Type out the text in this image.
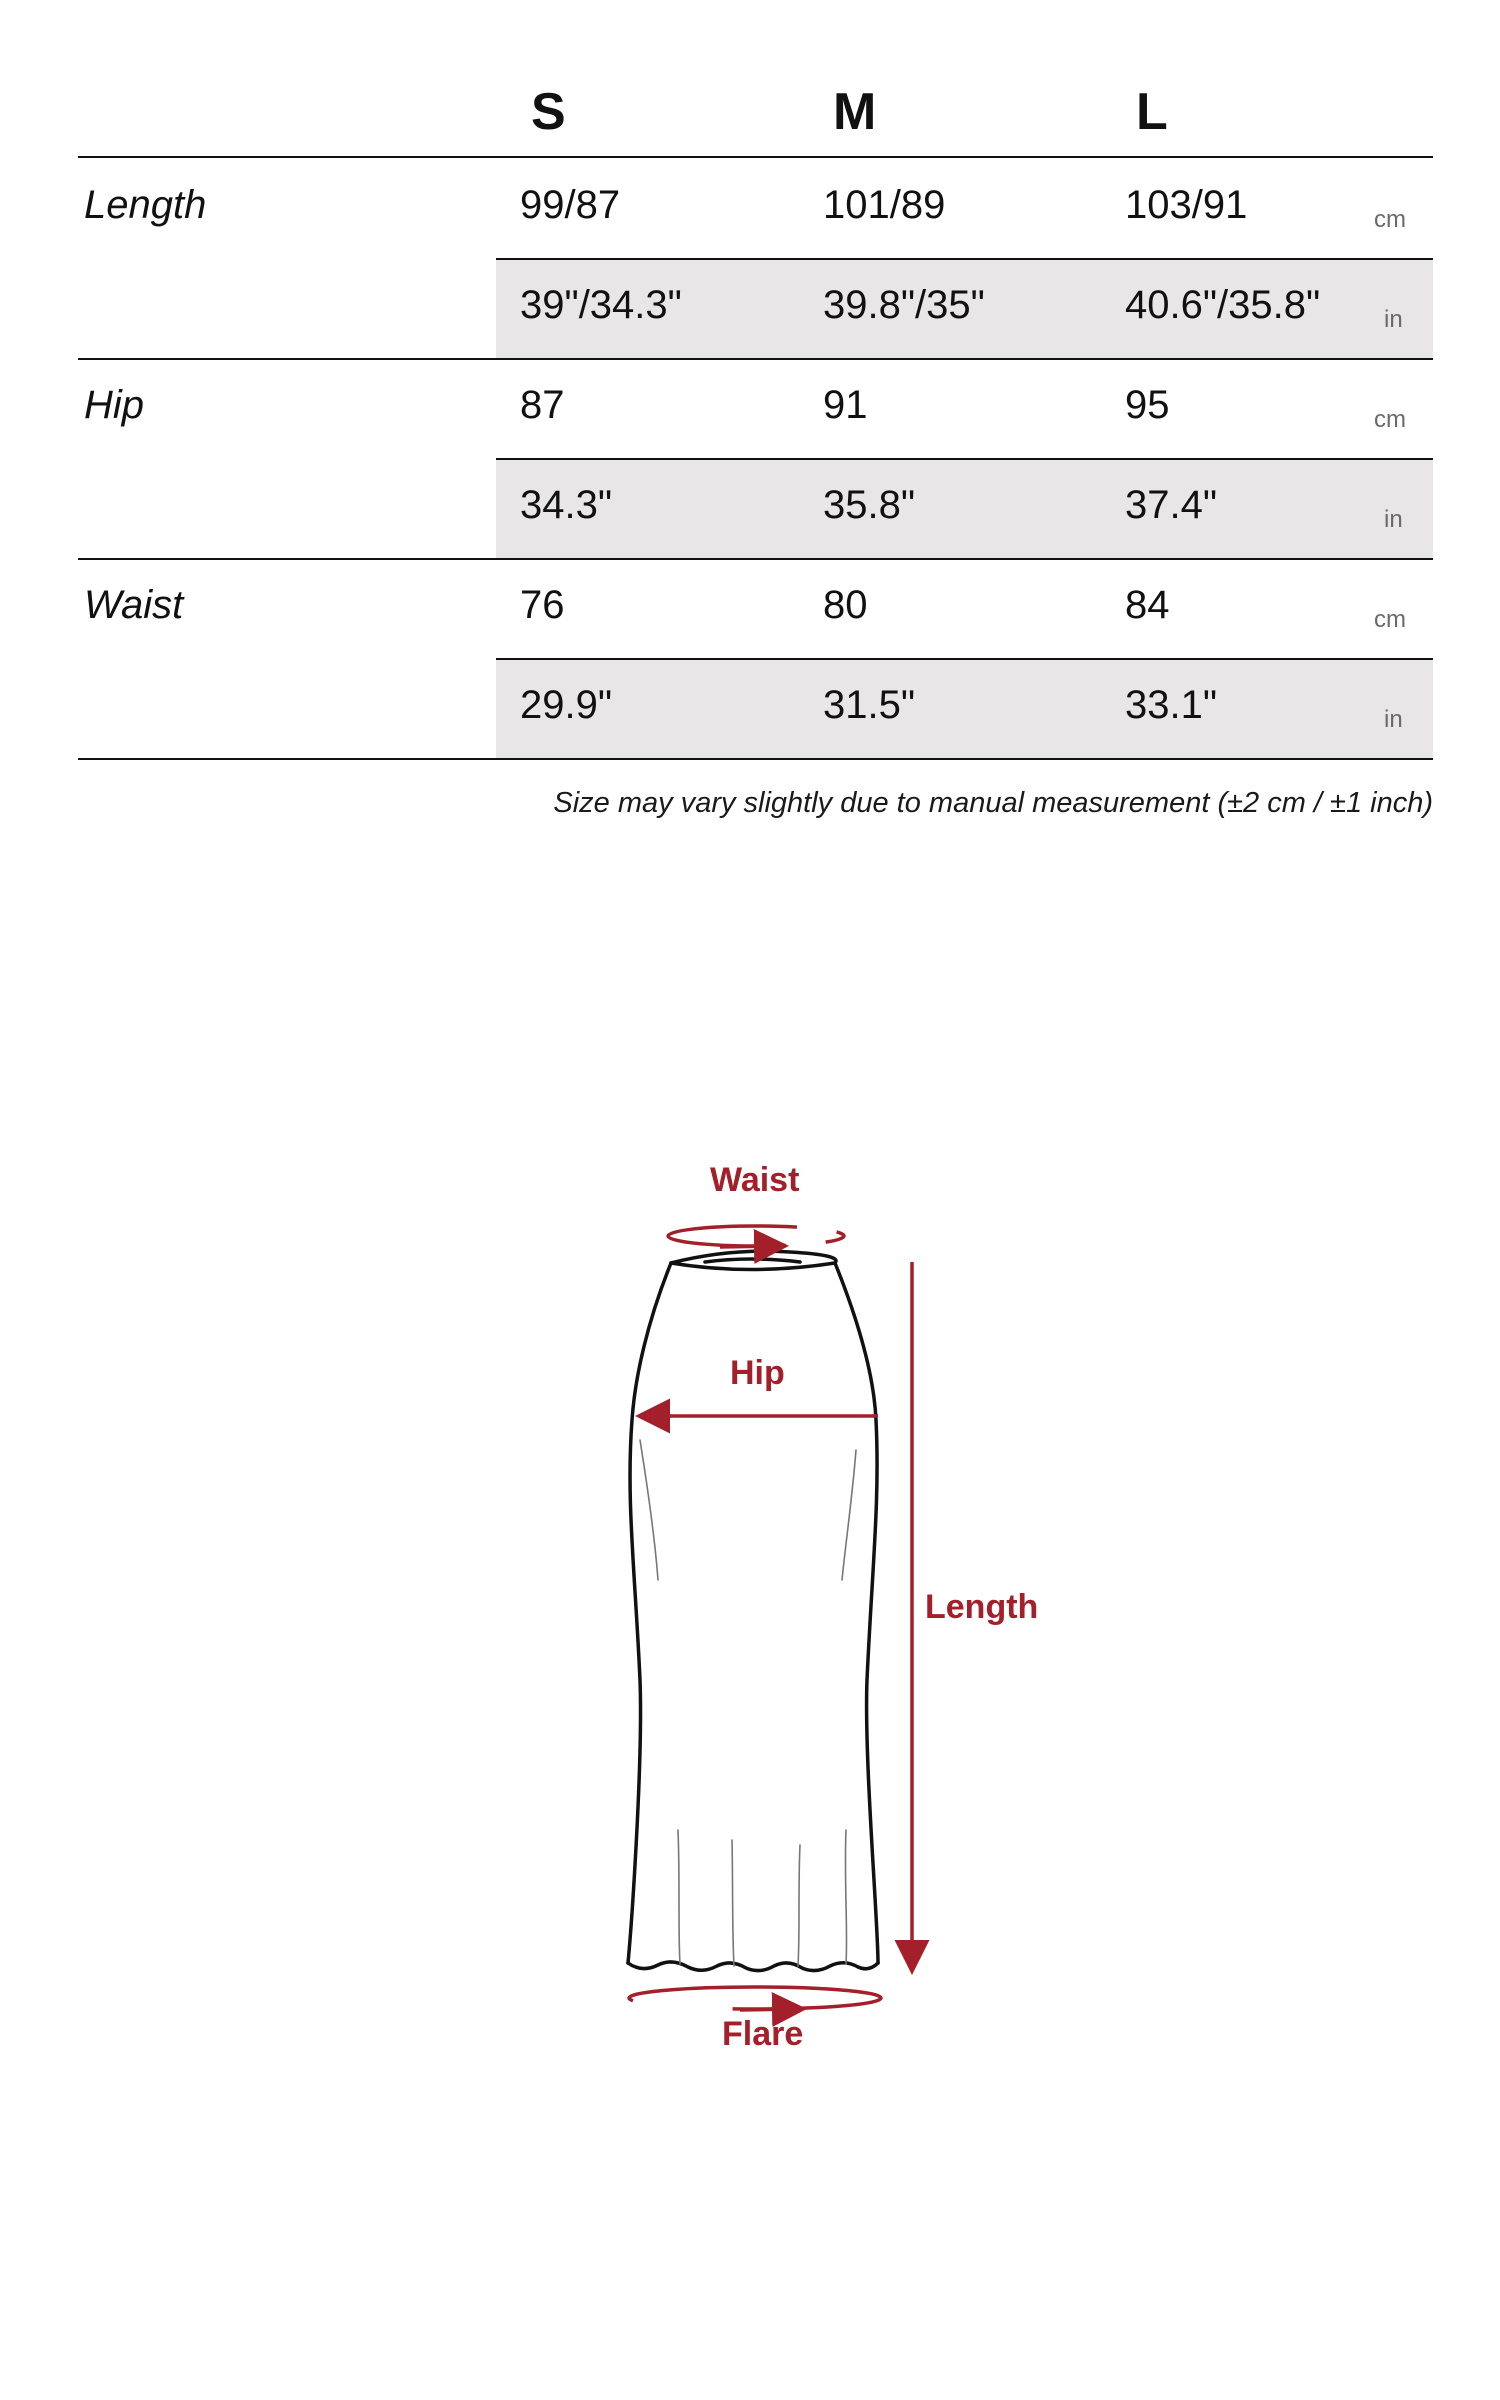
S	M	L
Length	99/87	101/89	103/91	cm
39"/34.3"	39.8"/35"	40.6"/35.8"	in
Hip	87	91	95	cm
34.3"	35.8"	37.4"	in
Waist	76	80	84	cm
29.9"	31.5"	33.1"	in
Size may vary slightly due to manual measurement (±2 cm / ±1 inch)
Waist
Hip
Length
Flare
